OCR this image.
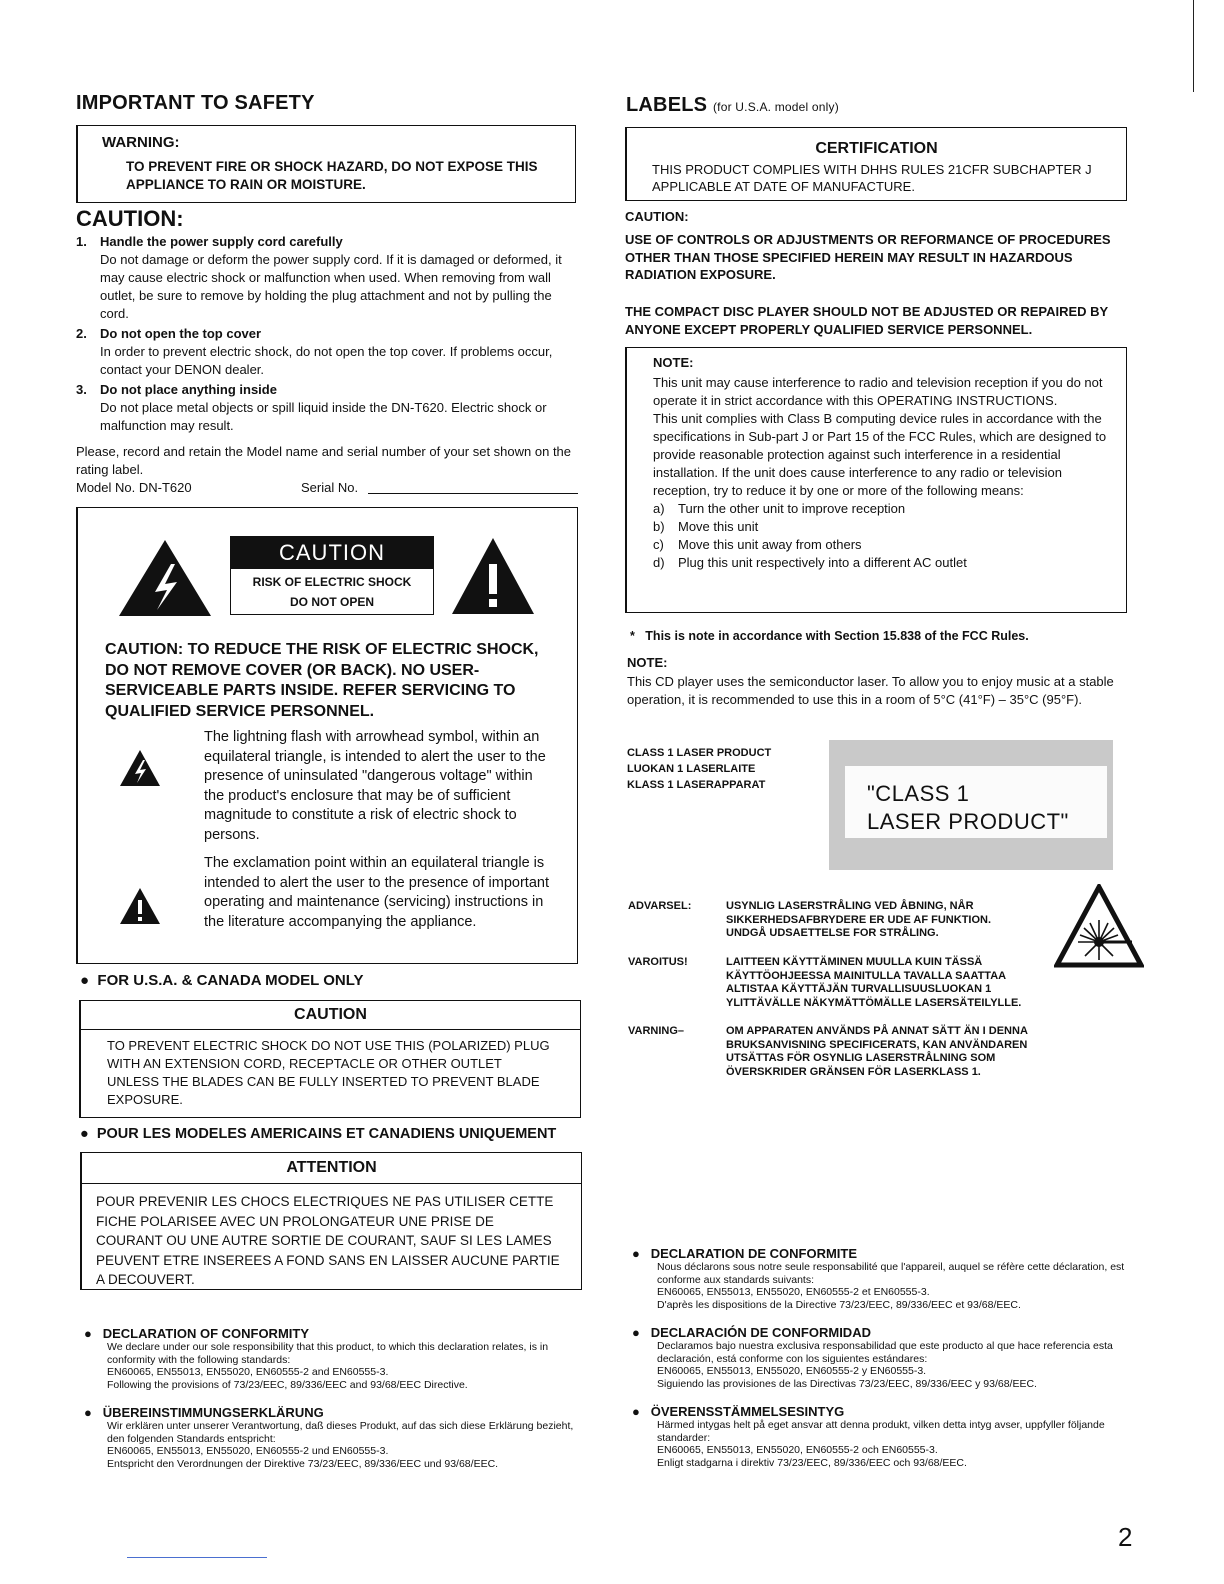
IMPORTANT TO SAFETY
WARNING:
TO PREVENT FIRE OR SHOCK HAZARD, DO NOT EXPOSE THIS APPLIANCE TO RAIN OR MOISTURE.
CAUTION:
1. Handle the power supply cord carefully
Do not damage or deform the power supply cord. If it is damaged or deformed, it may cause electric shock or malfunction when used. When removing from wall outlet, be sure to remove by holding the plug attachment and not by pulling the cord.
2. Do not open the top cover
In order to prevent electric shock, do not open the top cover. If problems occur, contact your DENON dealer.
3. Do not place anything inside
Do not place metal objects or spill liquid inside the DN-T620. Electric shock or malfunction may result.
Please, record and retain the Model name and serial number of your set shown on the rating label.
Model No. DN-T620	Serial No.
CAUTION
RISK OF ELECTRIC SHOCK
DO NOT OPEN
CAUTION: TO REDUCE THE RISK OF ELECTRIC SHOCK, DO NOT REMOVE COVER (OR BACK). NO USER-SERVICEABLE PARTS INSIDE. REFER SERVICING TO QUALIFIED SERVICE PERSONNEL.
The lightning flash with arrowhead symbol, within an equilateral triangle, is intended to alert the user to the presence of uninsulated "dangerous voltage" within the product's enclosure that may be of sufficient magnitude to constitute a risk of electric shock to persons.
The exclamation point within an equilateral triangle is intended to alert the user to the presence of important operating and maintenance (servicing) instructions in the literature accompanying the appliance.
● FOR U.S.A. & CANADA MODEL ONLY
CAUTION
TO PREVENT ELECTRIC SHOCK DO NOT USE THIS (POLARIZED) PLUG WITH AN EXTENSION CORD, RECEPTACLE OR OTHER OUTLET UNLESS THE BLADES CAN BE FULLY INSERTED TO PREVENT BLADE EXPOSURE.
● POUR LES MODELES AMERICAINS ET CANADIENS UNIQUEMENT
ATTENTION
POUR PREVENIR LES CHOCS ELECTRIQUES NE PAS UTILISER CETTE FICHE POLARISEE AVEC UN PROLONGATEUR UNE PRISE DE COURANT OU UNE AUTRE SORTIE DE COURANT, SAUF SI LES LAMES PEUVENT ETRE INSEREES A FOND SANS EN LAISSER AUCUNE PARTIE A DECOUVERT.
● DECLARATION OF CONFORMITY
We declare under our sole responsibility that this product, to which this declaration relates, is in conformity with the following standards:
EN60065, EN55013, EN55020, EN60555-2 and EN60555-3.
Following the provisions of 73/23/EEC, 89/336/EEC and 93/68/EEC Directive.
● ÜBEREINSTIMMUNGSERKLÄRUNG
Wir erklären unter unserer Verantwortung, daß dieses Produkt, auf das sich diese Erklärung bezieht, den folgenden Standards entspricht:
EN60065, EN55013, EN55020, EN60555-2 und EN60555-3.
Entspricht den Verordnungen der Direktive 73/23/EEC, 89/336/EEC und 93/68/EEC.
LABELS (for U.S.A. model only)
CERTIFICATION
THIS PRODUCT COMPLIES WITH DHHS RULES 21CFR SUBCHAPTER J APPLICABLE AT DATE OF MANUFACTURE.
CAUTION:
USE OF CONTROLS OR ADJUSTMENTS OR REFORMANCE OF PROCEDURES OTHER THAN THOSE SPECIFIED HEREIN MAY RESULT IN HAZARDOUS RADIATION EXPOSURE.
THE COMPACT DISC PLAYER SHOULD NOT BE ADJUSTED OR REPAIRED BY ANYONE EXCEPT PROPERLY QUALIFIED SERVICE PERSONNEL.
NOTE:
This unit may cause interference to radio and television reception if you do not operate it in strict accordance with this OPERATING INSTRUCTIONS.
This unit complies with Class B computing device rules in accordance with the specifications in Sub-part J or Part 15 of the FCC Rules, which are designed to provide reasonable protection against such interference in a residential installation. If the unit does cause interference to any radio or television reception, try to reduce it by one or more of the following means:
a) Turn the other unit to improve reception
b) Move this unit
c) Move this unit away from others
d) Plug this unit respectively into a different AC outlet
* This is note in accordance with Section 15.838 of the FCC Rules.
NOTE:
This CD player uses the semiconductor laser. To allow you to enjoy music at a stable operation, it is recommended to use this in a room of 5°C (41°F) – 35°C (95°F).
CLASS 1 LASER PRODUCT
LUOKAN 1 LASERLAITE
KLASS 1 LASERAPPARAT	"CLASS 1
LASER PRODUCT"
ADVARSEL:	USYNLIG LASERSTRÅLING VED ÅBNING, NÅR SIKKERHEDSAFBRYDERE ER UDE AF FUNKTION. UNDGÅ UDSAETTELSE FOR STRÅLING.
VAROITUS!	LAITTEEN KÄYTTÄMINEN MUULLA KUIN TÄSSÄ KÄYTTÖOHJEESSA MAINITULLA TAVALLA SAATTAA ALTISTAA KÄYTTÄJÄN TURVALLISUUSLUOKAN 1 YLITTÄVÄLLE NÄKYMÄTTÖMÄLLE LASERSÄTEILYLLE.
VARNING–	OM APPARATEN ANVÄNDS PÅ ANNAT SÄTT ÄN I DENNA BRUKSANVISNING SPECIFICERATS, KAN ANVÄNDAREN UTSÄTTAS FÖR OSYNLIG LASERSTRÅLNING SOM ÖVERSKRIDER GRÄNSEN FÖR LASERKLASS 1.
● DECLARATION DE CONFORMITE
Nous déclarons sous notre seule responsabilité que l'appareil, auquel se réfère cette déclaration, est conforme aux standards suivants:
EN60065, EN55013, EN55020, EN60555-2 et EN60555-3.
D'après les dispositions de la Directive 73/23/EEC, 89/336/EEC et 93/68/EEC.
● DECLARACIÓN DE CONFORMIDAD
Declaramos bajo nuestra exclusiva responsabilidad que este producto al que hace referencia esta declaración, está conforme con los siguientes estándares:
EN60065, EN55013, EN55020, EN60555-2 y EN60555-3.
Siguiendo las provisiones de las Directivas 73/23/EEC, 89/336/EEC y 93/68/EEC.
● ÖVERENSSTÄMMELSESINTYG
Härmed intygas helt på eget ansvar att denna produkt, vilken detta intyg avser, uppfyller följande standarder:
EN60065, EN55013, EN55020, EN60555-2 och EN60555-3.
Enligt stadgarna i direktiv 73/23/EEC, 89/336/EEC och 93/68/EEC.
2
